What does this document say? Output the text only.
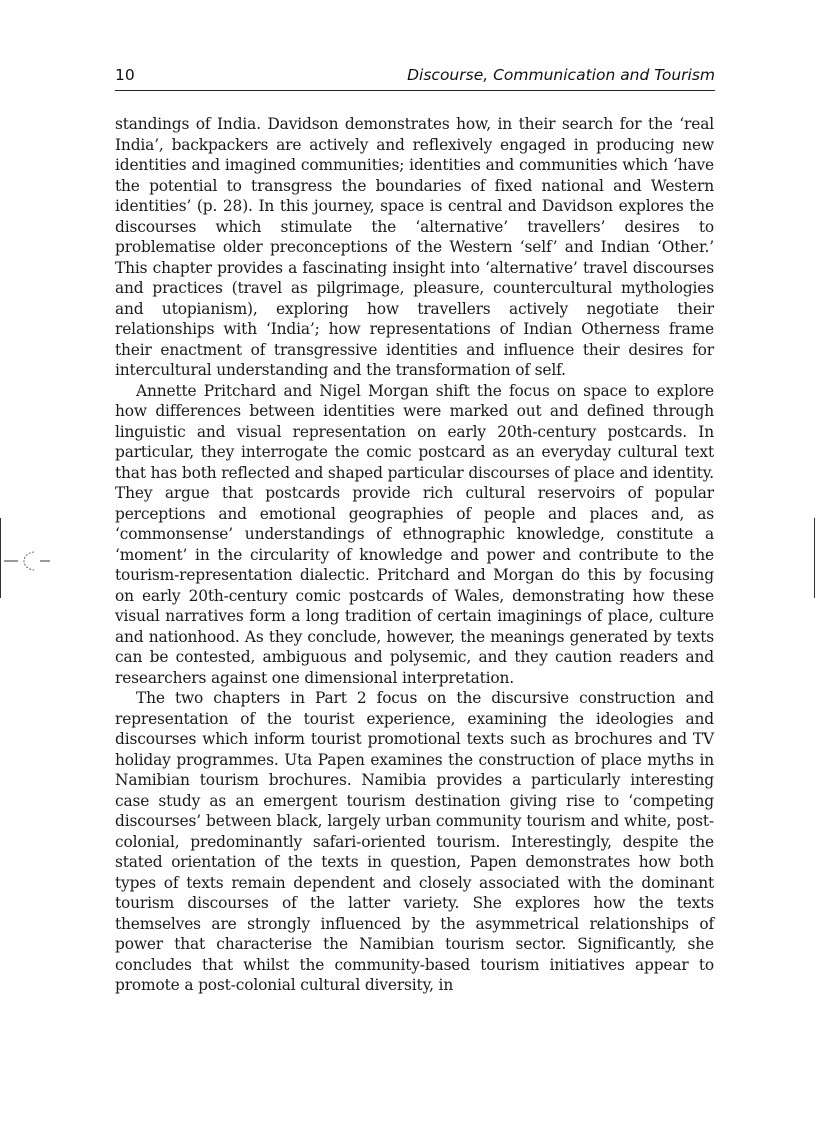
10	Discourse, Communication and Tourism

standings of India. Davidson demonstrates how, in their search for the ‘real India’, backpackers are actively and reflexively engaged in producing new identities and imagined communities; identities and communities which ‘have the potential to transgress the boundaries of fixed national and Western identities’ (p. 28). In this journey, space is central and Davidson explores the discourses which stimulate the ‘alternative’ travellers’ desires to problematise older preconceptions of the Western ‘self’ and Indian ‘Other.’ This chapter provides a fascinating insight into ‘alternative’ travel discourses and practices (travel as pilgrimage, pleasure, countercultural mythologies and utopianism), exploring how travellers actively negotiate their relationships with ‘India’; how representations of Indian Otherness frame their enactment of transgressive identities and influence their desires for intercultural understanding and the transformation of self.

Annette Pritchard and Nigel Morgan shift the focus on space to explore how differences between identities were marked out and defined through linguistic and visual representation on early 20th-century postcards. In particular, they interrogate the comic postcard as an everyday cultural text that has both reflected and shaped particular discourses of place and identity. They argue that postcards provide rich cultural reservoirs of popular perceptions and emotional geographies of people and places and, as ‘commonsense’ understandings of ethnographic knowledge, constitute a ‘moment’ in the circularity of knowledge and power and contribute to the tourism-representation dialectic. Pritchard and Morgan do this by focusing on early 20th-century comic postcards of Wales, demonstrating how these visual narratives form a long tradition of certain imaginings of place, culture and nationhood. As they conclude, however, the meanings generated by texts can be contested, ambiguous and polysemic, and they caution readers and researchers against one dimensional interpretation.

The two chapters in Part 2 focus on the discursive construction and representation of the tourist experience, examining the ideologies and discourses which inform tourist promotional texts such as brochures and TV holiday programmes. Uta Papen examines the construction of place myths in Namibian tourism brochures. Namibia provides a particularly interesting case study as an emergent tourism destination giving rise to ‘competing discourses’ between black, largely urban community tourism and white, post-colonial, predominantly safari-oriented tourism. Interestingly, despite the stated orientation of the texts in question, Papen demonstrates how both types of texts remain dependent and closely associated with the dominant tourism discourses of the latter variety. She explores how the texts themselves are strongly influenced by the asymmetrical relationships of power that characterise the Namibian tourism sector. Significantly, she concludes that whilst the community-based tourism initiatives appear to promote a post-colonial cultural diversity, in
